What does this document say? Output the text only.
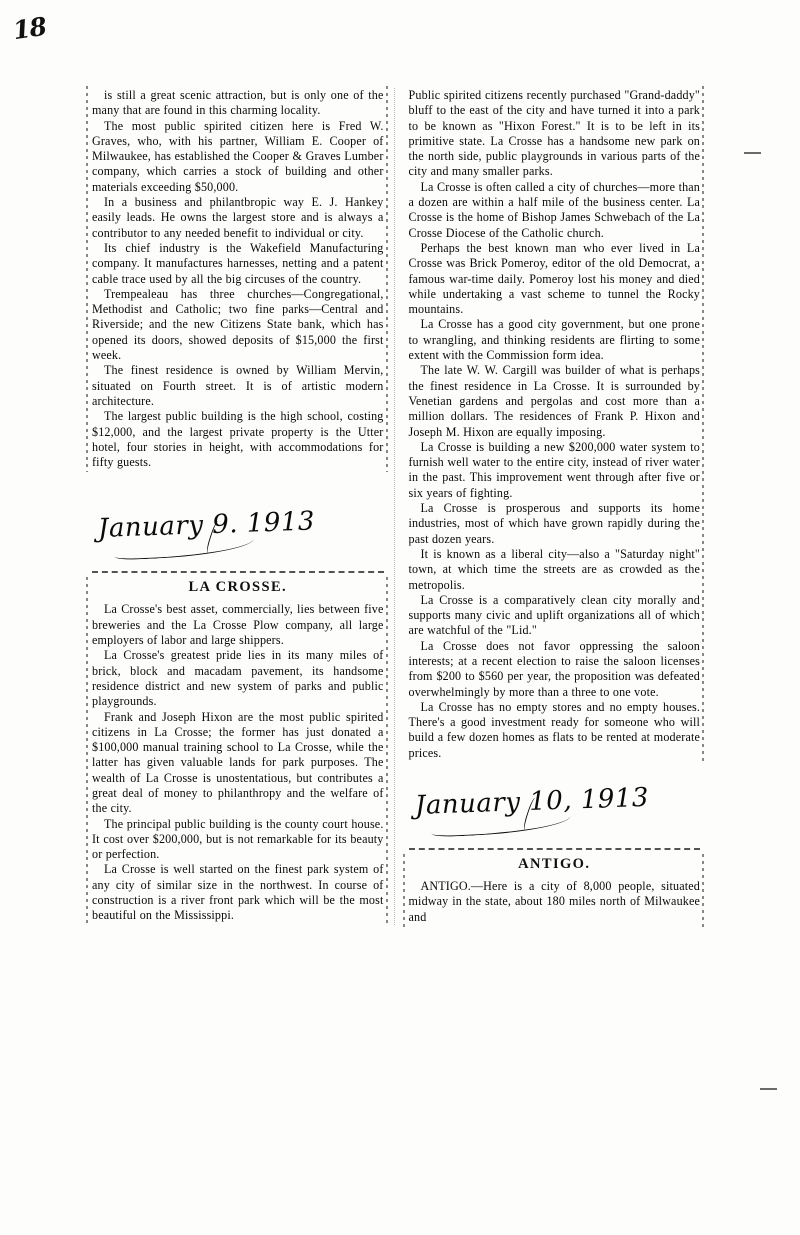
18

is still a great scenic attraction, but is only one of the many that are found in this charming locality.

The most public spirited citizen here is Fred W. Graves, who, with his partner, William E. Cooper of Milwaukee, has established the Cooper & Graves Lumber company, which carries a stock of building and other materials exceeding $50,000.

In a business and philantbropic way E. J. Hankey easily leads. He owns the largest store and is always a contributor to any needed benefit to individual or city.

Its chief industry is the Wakefield Manufacturing company. It manufactures harnesses, netting and a patent cable trace used by all the big circuses of the country.

Trempealeau has three churches—Congregational, Methodist and Catholic; two fine parks—Central and Riverside; and the new Citizens State bank, which has opened its doors, showed deposits of $15,000 the first week.

The finest residence is owned by William Mervin, situated on Fourth street. It is of artistic modern architecture.

The largest public building is the high school, costing $12,000, and the largest private property is the Utter hotel, four stories in height, with accommodations for fifty guests.

January 9. 1913
LA CROSSE.

La Crosse's best asset, commercially, lies between five breweries and the La Crosse Plow company, all large employers of labor and large shippers.

La Crosse's greatest pride lies in its many miles of brick, block and macadam pavement, its handsome residence district and new system of parks and public playgrounds.

Frank and Joseph Hixon are the most public spirited citizens in La Crosse; the former has just donated a $100,000 manual training school to La Crosse, while the latter has given valuable lands for park purposes. The wealth of La Crosse is unostentatious, but contributes a great deal of money to philanthropy and the welfare of the city.

The principal public building is the county court house. It cost over $200,000, but is not remarkable for its beauty or perfection.

La Crosse is well started on the finest park system of any city of similar size in the northwest. In course of construction is a river front park which will be the most beautiful on the Mississippi.

Public spirited citizens recently purchased "Grand-daddy" bluff to the east of the city and have turned it into a park to be known as "Hixon Forest." It is to be left in its primitive state. La Crosse has a handsome new park on the north side, public playgrounds in various parts of the city and many smaller parks.

La Crosse is often called a city of churches—more than a dozen are within a half mile of the business center. La Crosse is the home of Bishop James Schwebach of the La Crosse Diocese of the Catholic church.

Perhaps the best known man who ever lived in La Crosse was Brick Pomeroy, editor of the old Democrat, a famous war-time daily. Pomeroy lost his money and died while undertaking a vast scheme to tunnel the Rocky mountains.

La Crosse has a good city government, but one prone to wrangling, and thinking residents are flirting to some extent with the Commission form idea.

The late W. W. Cargill was builder of what is perhaps the finest residence in La Crosse. It is surrounded by Venetian gardens and pergolas and cost more than a million dollars. The residences of Frank P. Hixon and Joseph M. Hixon are equally imposing.

La Crosse is building a new $200,000 water system to furnish well water to the entire city, instead of river water in the past. This improvement went through after five or six years of fighting.

La Crosse is prosperous and supports its home industries, most of which have grown rapidly during the past dozen years.

It is known as a liberal city—also a "Saturday night" town, at which time the streets are as crowded as the metropolis.

La Crosse is a comparatively clean city morally and supports many civic and uplift organizations all of which are watchful of the "Lid."

La Crosse does not favor oppressing the saloon interests; at a recent election to raise the saloon licenses from $200 to $560 per year, the proposition was defeated overwhelmingly by more than a three to one vote.

La Crosse has no empty stores and no empty houses. There's a good investment ready for someone who will build a few dozen homes as flats to be rented at moderate prices.

January 10, 1913
ANTIGO.

ANTIGO.—Here is a city of 8,000 people, situated midway in the state, about 180 miles north of Milwaukee and
